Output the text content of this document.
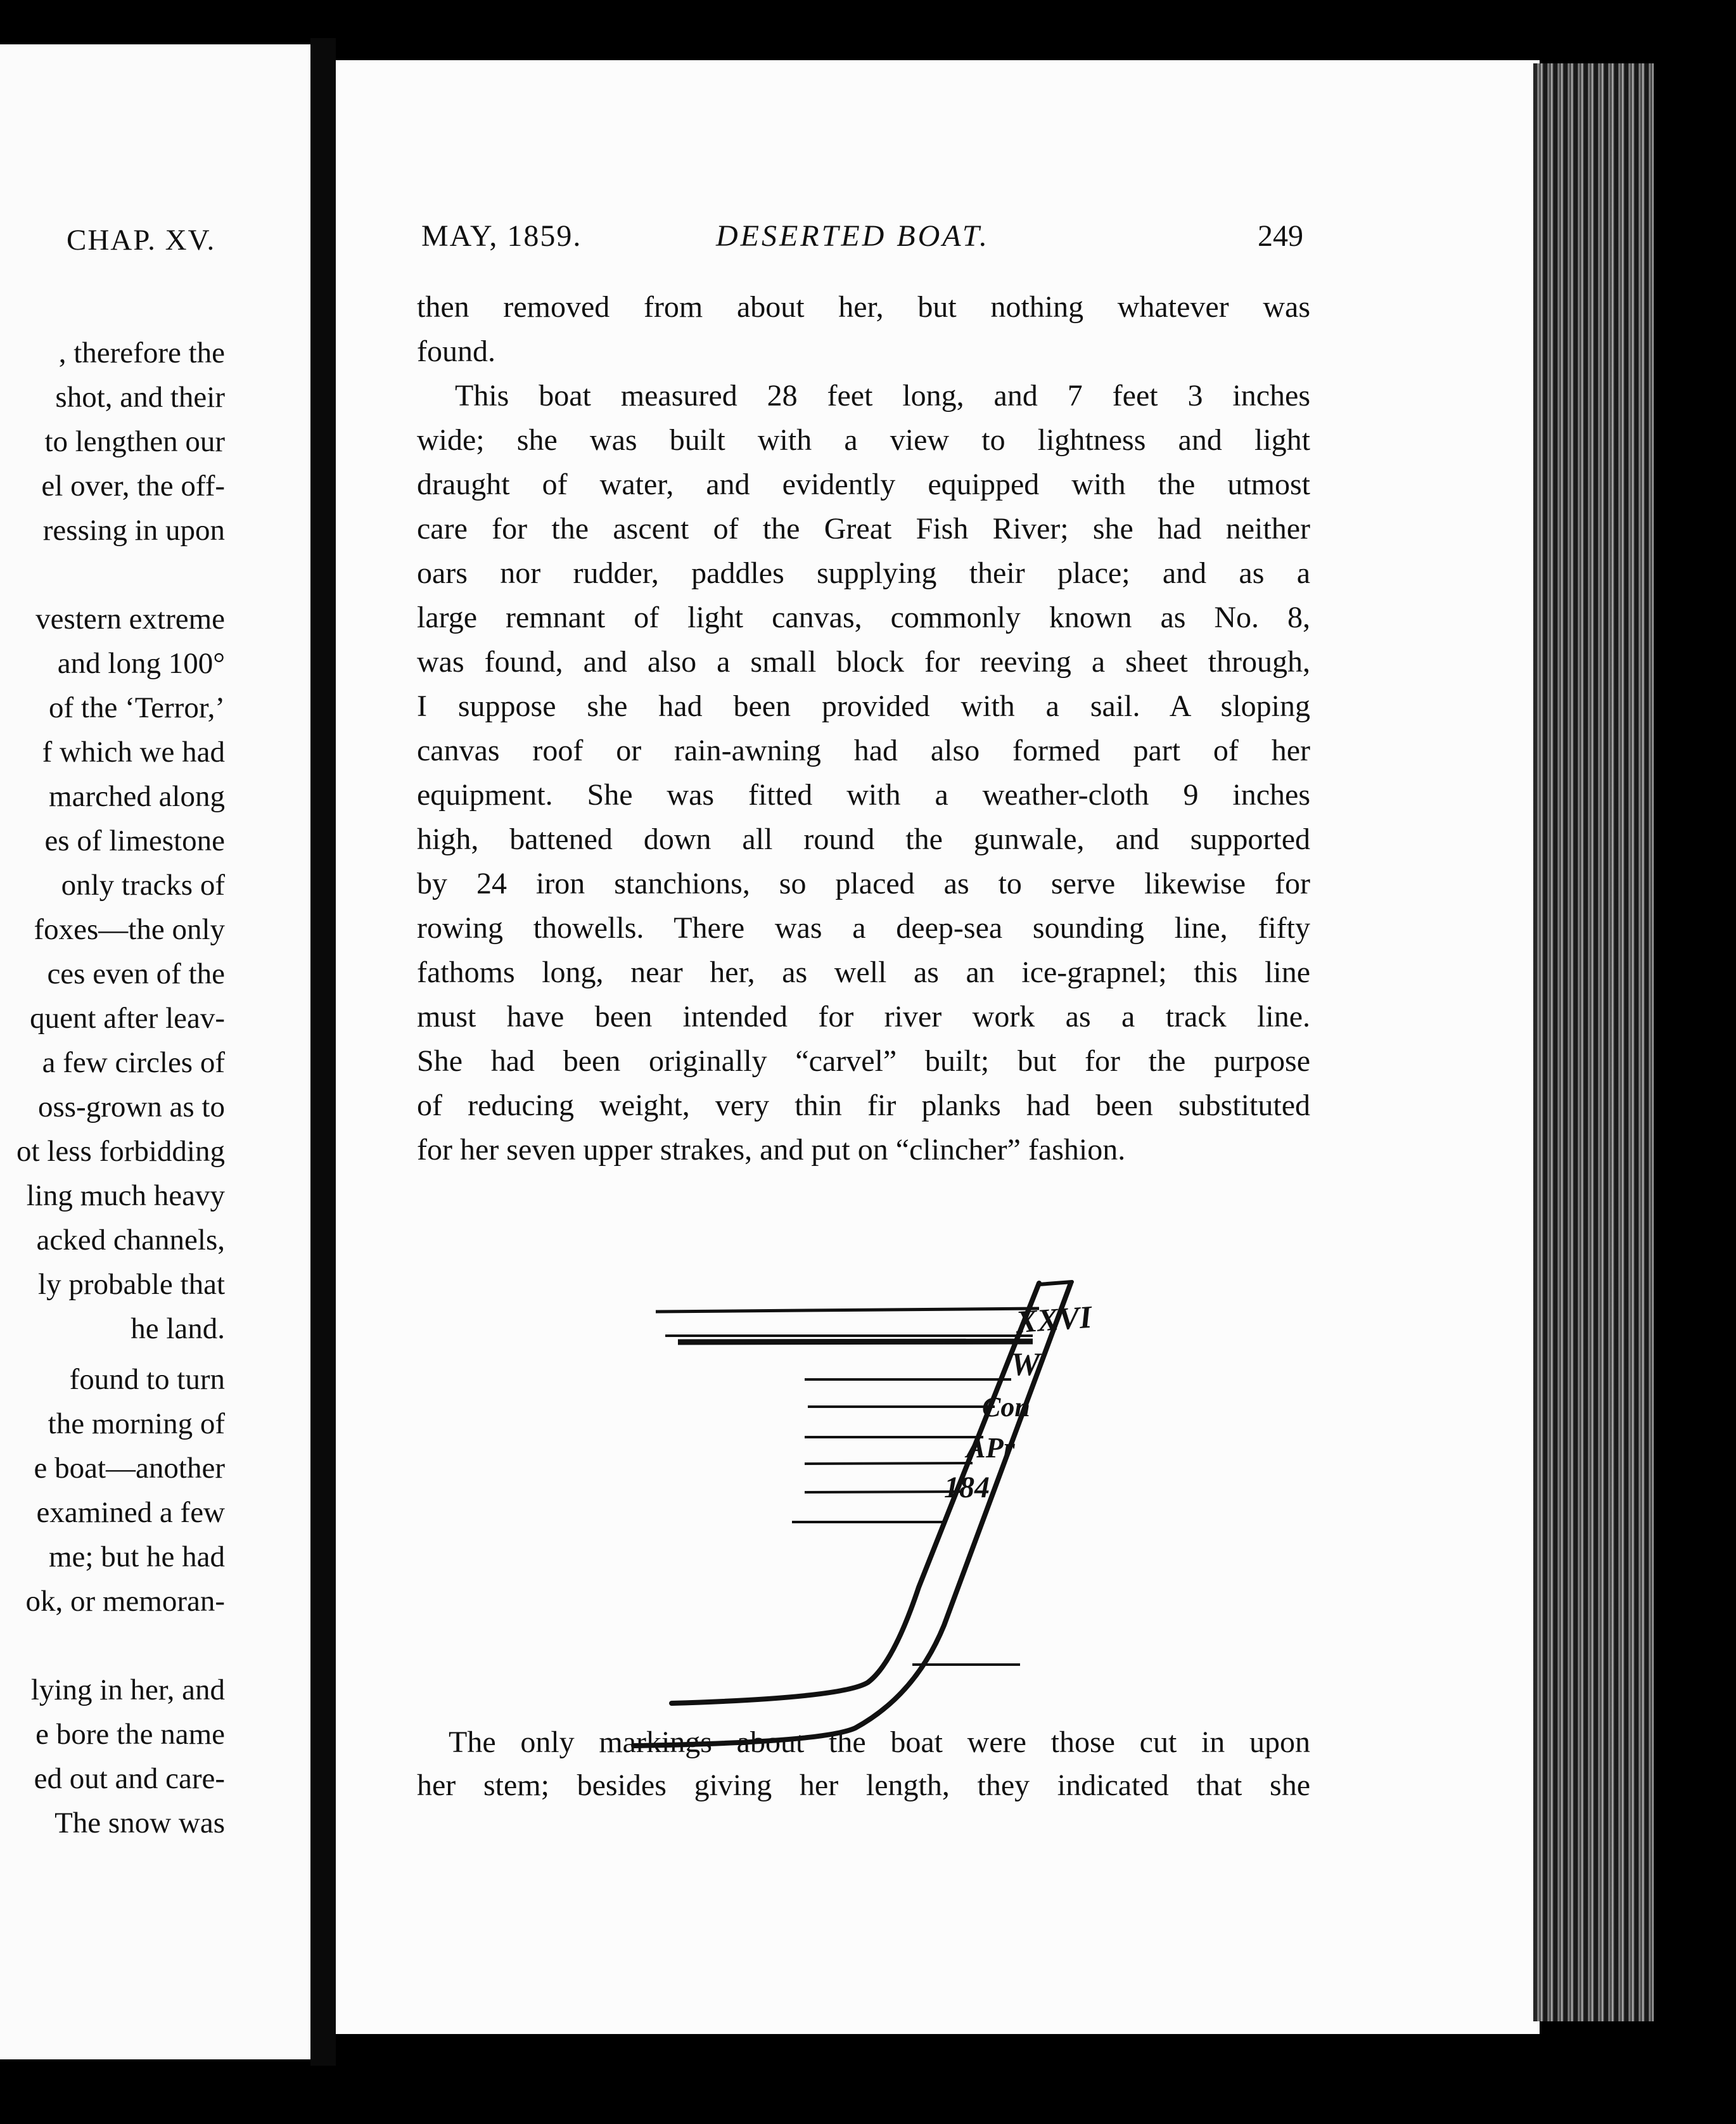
CHAP. XV.
, therefore the
shot, and their
to lengthen our
el over, the off-
ressing in upon
vestern extreme
and long 100°
of the ‘Terror,’
f which we had
marched along
es of limestone
only tracks of
foxes—the only
ces even of the
quent after leav-
a few circles of
oss-grown as to
ot less forbidding
ling much heavy
acked channels,
ly probable that
he land.
found to turn
the morning of
e boat—another
examined a few
me; but he had
ok, or memoran-
lying in her, and
e bore the name
ed out and care-
The snow was
MAY, 1859.	DESERTED BOAT.	249
then removed from about her, but nothing whatever was
found.
This boat measured 28 feet long, and 7 feet 3 inches
wide; she was built with a view to lightness and light
draught of water, and evidently equipped with the utmost
care for the ascent of the Great Fish River; she had neither
oars nor rudder, paddles supplying their place; and as a
large remnant of light canvas, commonly known as No. 8,
was found, and also a small block for reeving a sheet through,
I suppose she had been provided with a sail. A sloping
canvas roof or rain-awning had also formed part of her
equipment. She was fitted with a weather-cloth 9 inches
high, battened down all round the gunwale, and supported
by 24 iron stanchions, so placed as to serve likewise for
rowing thowells. There was a deep-sea sounding line, fifty
fathoms long, near her, as well as an ice-grapnel; this line
must have been intended for river work as a track line.
She had been originally “carvel” built; but for the purpose
of reducing weight, very thin fir planks had been substituted
for her seven upper strakes, and put on “clincher” fashion.
The only markings about the boat were those cut in upon
her stem; besides giving her length, they indicated that she
XXVI
W
Con
APr
184
